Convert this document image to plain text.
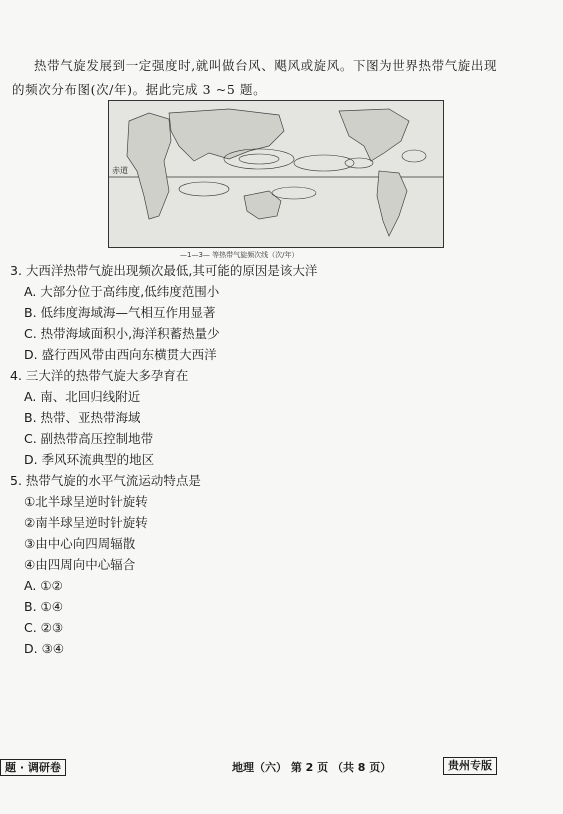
热带气旋发展到一定强度时,就叫做台风、飓风或旋风。下图为世界热带气旋出现
的频次分布图(次/年)。据此完成 3 ~5 题。
赤道
—1—3— 等热带气旋频次线（次/年）
3. 大西洋热带气旋出现频次最低,其可能的原因是该大洋
A. 大部分位于高纬度,低纬度范围小
B. 低纬度海域海—气相互作用显著
C. 热带海域面积小,海洋积蓄热量少
D. 盛行西风带由西向东横贯大西洋
4. 三大洋的热带气旋大多孕育在
A. 南、北回归线附近
B. 热带、亚热带海域
C. 副热带高压控制地带
D. 季风环流典型的地区
5. 热带气旋的水平气流运动特点是
①北半球呈逆时针旋转
②南半球呈逆时针旋转
③由中心向四周辐散
④由四周向中心辐合
A. ①②
B. ①④
C. ②③
D. ③④
题 · 调研卷	地理（六） 第 2 页 （共 8 页）	贵州专版
